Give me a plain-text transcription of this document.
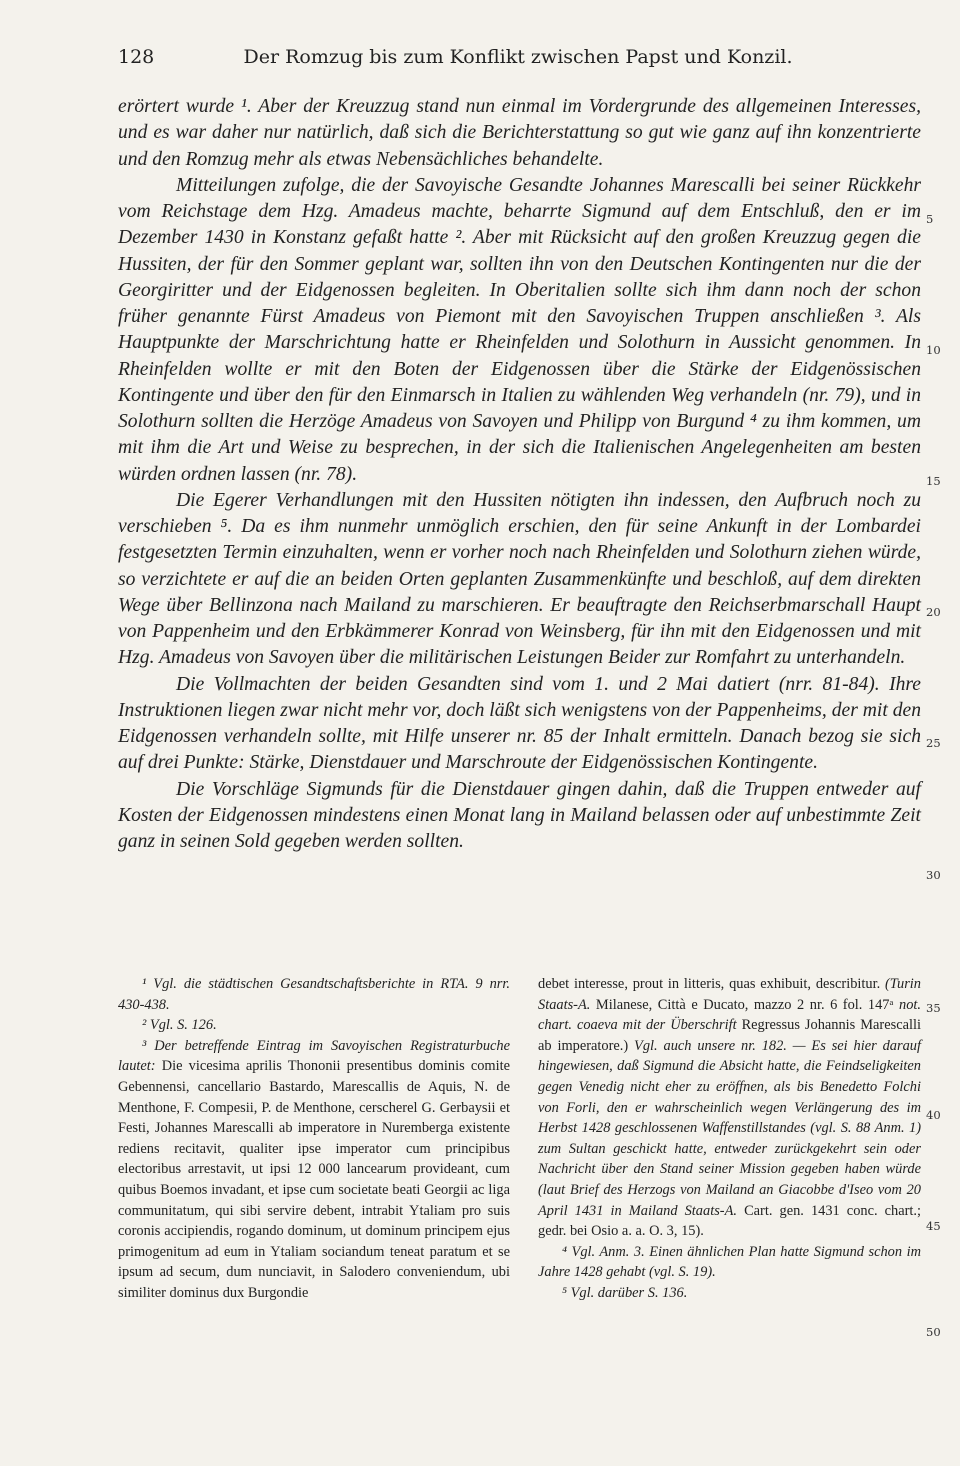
128	Der Romzug bis zum Konflikt zwischen Papst und Konzil.

erörtert wurde ¹. Aber der Kreuzzug stand nun einmal im Vordergrunde des allgemeinen Interesses, und es war daher nur natürlich, daß sich die Berichterstattung so gut wie ganz auf ihn konzentrierte und den Romzug mehr als etwas Nebensächliches behandelte.

Mitteilungen zufolge, die der Savoyische Gesandte Johannes Marescalli bei seiner Rückkehr vom Reichstage dem Hzg. Amadeus machte, beharrte Sigmund auf dem Entschluß, den er im Dezember 1430 in Konstanz gefaßt hatte ². Aber mit Rücksicht auf den großen Kreuzzug gegen die Hussiten, der für den Sommer geplant war, sollten ihn von den Deutschen Kontingenten nur die der Georgiritter und der Eidgenossen begleiten. In Oberitalien sollte sich ihm dann noch der schon früher genannte Fürst Amadeus von Piemont mit den Savoyischen Truppen anschließen ³. Als Hauptpunkte der Marschrichtung hatte er Rheinfelden und Solothurn in Aussicht genommen. In Rheinfelden wollte er mit den Boten der Eidgenossen über die Stärke der Eidgenössischen Kontingente und über den für den Einmarsch in Italien zu wählenden Weg verhandeln (nr. 79), und in Solothurn sollten die Herzöge Amadeus von Savoyen und Philipp von Burgund ⁴ zu ihm kommen, um mit ihm die Art und Weise zu besprechen, in der sich die Italienischen Angelegenheiten am besten würden ordnen lassen (nr. 78).

Die Egerer Verhandlungen mit den Hussiten nötigten ihn indessen, den Aufbruch noch zu verschieben ⁵. Da es ihm nunmehr unmöglich erschien, den für seine Ankunft in der Lombardei festgesetzten Termin einzuhalten, wenn er vorher noch nach Rheinfelden und Solothurn ziehen würde, so verzichtete er auf die an beiden Orten geplanten Zusammenkünfte und beschloß, auf dem direkten Wege über Bellinzona nach Mailand zu marschieren. Er beauftragte den Reichserbmarschall Haupt von Pappenheim und den Erbkämmerer Konrad von Weinsberg, für ihn mit den Eidgenossen und mit Hzg. Amadeus von Savoyen über die militärischen Leistungen Beider zur Romfahrt zu unterhandeln.

Die Vollmachten der beiden Gesandten sind vom 1. und 2 Mai datiert (nrr. 81-84). Ihre Instruktionen liegen zwar nicht mehr vor, doch läßt sich wenigstens von der Pappenheims, der mit den Eidgenossen verhandeln sollte, mit Hilfe unserer nr. 85 der Inhalt ermitteln. Danach bezog sie sich auf drei Punkte: Stärke, Dienstdauer und Marschroute der Eidgenössischen Kontingente.

Die Vorschläge Sigmunds für die Dienstdauer gingen dahin, daß die Truppen entweder auf Kosten der Eidgenossen mindestens einen Monat lang in Mailand belassen oder auf unbestimmte Zeit ganz in seinen Sold gegeben werden sollten.

5
10
15
20
25
30
35
40
45
50

¹ Vgl. die städtischen Gesandtschaftsberichte in RTA. 9 nrr. 430-438.

² Vgl. S. 126.

³ Der betreffende Eintrag im Savoyischen Registraturbuche lautet: Die vicesima aprilis Thononii presentibus dominis comite Gebennensi, cancellario Bastardo, Marescallis de Aquis, N. de Menthone, F. Compesii, P. de Menthone, cerscherel G. Gerbaysii et Festi, Johannes Marescalli ab imperatore in Nuremberga existente rediens recitavit, qualiter ipse imperator cum principibus electoribus arrestavit, ut ipsi 12 000 lancearum provideant, cum quibus Boemos invadant, et ipse cum societate beati Georgii ac liga communitatum, qui sibi servire debent, intrabit Ytaliam pro suis coronis accipiendis, rogando dominum, ut dominum principem ejus primogenitum ad eum in Ytaliam sociandum teneat paratum et se ipsum ad secum, dum nunciavit, in Salodero conveniendum, ubi similiter dominus dux Burgondie

debet interesse, prout in litteris, quas exhibuit, describitur. (Turin Staats-A. Milanese, Città e Ducato, mazzo 2 nr. 6 fol. 147ᵃ not. chart. coaeva mit der Überschrift Regressus Johannis Marescalli ab imperatore.) Vgl. auch unsere nr. 182. — Es sei hier darauf hingewiesen, daß Sigmund die Absicht hatte, die Feindseligkeiten gegen Venedig nicht eher zu eröffnen, als bis Benedetto Folchi von Forli, den er wahrscheinlich wegen Verlängerung des im Herbst 1428 geschlossenen Waffenstillstandes (vgl. S. 88 Anm. 1) zum Sultan geschickt hatte, entweder zurückgekehrt sein oder Nachricht über den Stand seiner Mission gegeben haben würde (laut Brief des Herzogs von Mailand an Giacobbe d'Iseo vom 20 April 1431 in Mailand Staats-A. Cart. gen. 1431 conc. chart.; gedr. bei Osio a. a. O. 3, 15).

⁴ Vgl. Anm. 3. Einen ähnlichen Plan hatte Sigmund schon im Jahre 1428 gehabt (vgl. S. 19).

⁵ Vgl. darüber S. 136.
